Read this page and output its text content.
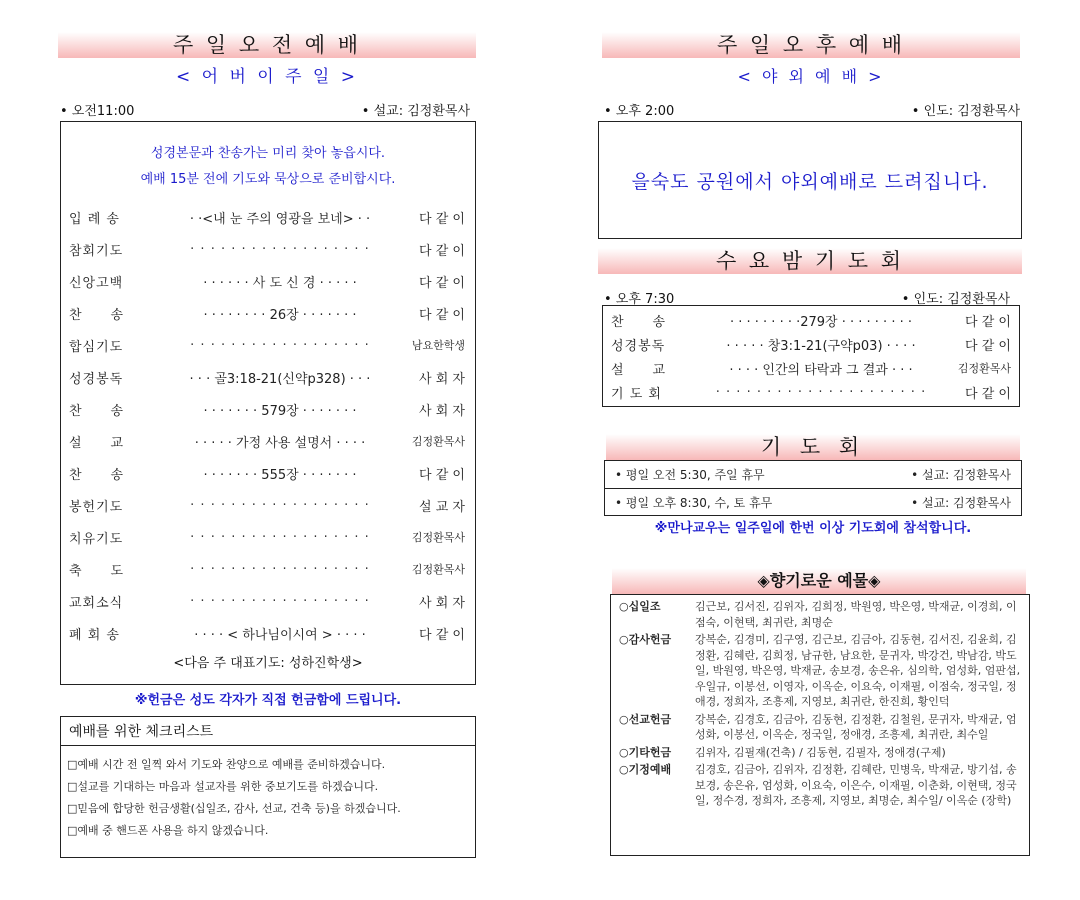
주 일 오 전 예 배
< 어 버 이 주 일 >
• 오전11:00	• 설교: 김정환목사
성경본문과 찬송가는 미리 찾아 놓읍시다.
예배 15분 전에 기도와 묵상으로 준비합시다.
입 례 송	· ·<내 눈 주의 영광을 보네> · ·	다 같 이
참회기도	· · · · · · · · · · · · · · · · · ·	다 같 이
신앙고백	· · · · · · 사 도 신 경 · · · · ·	다 같 이
찬　　송	· · · · · · · · 26장 · · · · · · ·	다 같 이
합심기도	· · · · · · · · · · · · · · · · · ·	남요한학생
성경봉독	· · · 골3:18-21(신약p328) · · ·	사 회 자
찬　　송	· · · · · · · 579장 · · · · · · ·	사 회 자
설　　교	· · · · · 가정 사용 설명서 · · · ·	김정환목사
찬　　송	· · · · · · · 555장 · · · · · · ·	다 같 이
봉헌기도	· · · · · · · · · · · · · · · · · ·	설 교 자
치유기도	· · · · · · · · · · · · · · · · · ·	김정환목사
축　　도	· · · · · · · · · · · · · · · · · ·	김정환목사
교회소식	· · · · · · · · · · · · · · · · · ·	사 회 자
폐 회 송	· · · · < 하나님이시여 > · · · ·	다 같 이
<다음 주 대표기도: 성하진학생>
※헌금은 성도 각자가 직접 헌금함에 드립니다.
예배를 위한 체크리스트
□예배 시간 전 일찍 와서 기도와 찬양으로 예배를 준비하겠습니다.
□설교를 기대하는 마음과 설교자를 위한 중보기도를 하겠습니다.
□믿음에 합당한 헌금생활(십일조, 감사, 선교, 건축 등)을 하겠습니다.
□예배 중 핸드폰 사용을 하지 않겠습니다.
주 일 오 후 예 배
< 야 외 예 배 >
• 오후 2:00	• 인도: 김정환목사
을숙도 공원에서 야외예배로 드려집니다.
수 요 밤 기 도 회
• 오후 7:30	• 인도: 김정환목사
찬　　송	· · · · · · · · ·279장 · · · · · · · · ·	다 같 이
성경봉독	· · · · · 창3:1-21(구약p03) · · · ·	다 같 이
설　　교	· · · · 인간의 타락과 그 결과 · · ·	김정환목사
기 도 회	· · · · · · · · · · · · · · · · · · · · ·	다 같 이
기 도 회
• 평일 오전 5:30, 주일 휴무	• 설교: 김정환목사
• 평일 오후 8:30, 수, 토 휴무	• 설교: 김정환목사
※만나교우는 일주일에 한번 이상 기도회에 참석합니다.
◈향기로운 예물◈
○십일조	김근보, 김서진, 김위자, 김희정, 박원영, 박은영, 박재균, 이경희, 이점숙, 이현택, 최귀란, 최명순
○감사헌금	강복순, 김경미, 김구영, 김근보, 김금아, 김동현, 김서진, 김윤희, 김정환, 김혜란, 김희정, 남규한, 남요한, 문귀자, 박강건, 박남감, 박도일, 박원영, 박은영, 박재균, 송보경, 송은유, 심의학, 엄성화, 엄판섭, 우일규, 이봉선, 이영자, 이옥순, 이요숙, 이재필, 이점숙, 정국일, 정애경, 정희자, 조흥제, 지영보, 최귀란, 한진희, 황인덕
○선교헌금	강복순, 김경호, 김금아, 김동현, 김정환, 김철원, 문귀자, 박재균, 엄성화, 이봉선, 이옥순, 정국일, 정애경, 조흥제, 최귀란, 최수일
○기타헌금	김위자, 김필재(건축) / 김동현, 김필자, 정애경(구제)
○기정예배	김경호, 김금아, 김위자, 김정환, 김혜란, 민병욱, 박재균, 방기섭, 송보경, 송은유, 엄성화, 이요숙, 이은수, 이재필, 이춘화, 이현택, 정국일, 정수경, 정희자, 조흥제, 지영보, 최명순, 최수일/ 이옥순 (장학)
